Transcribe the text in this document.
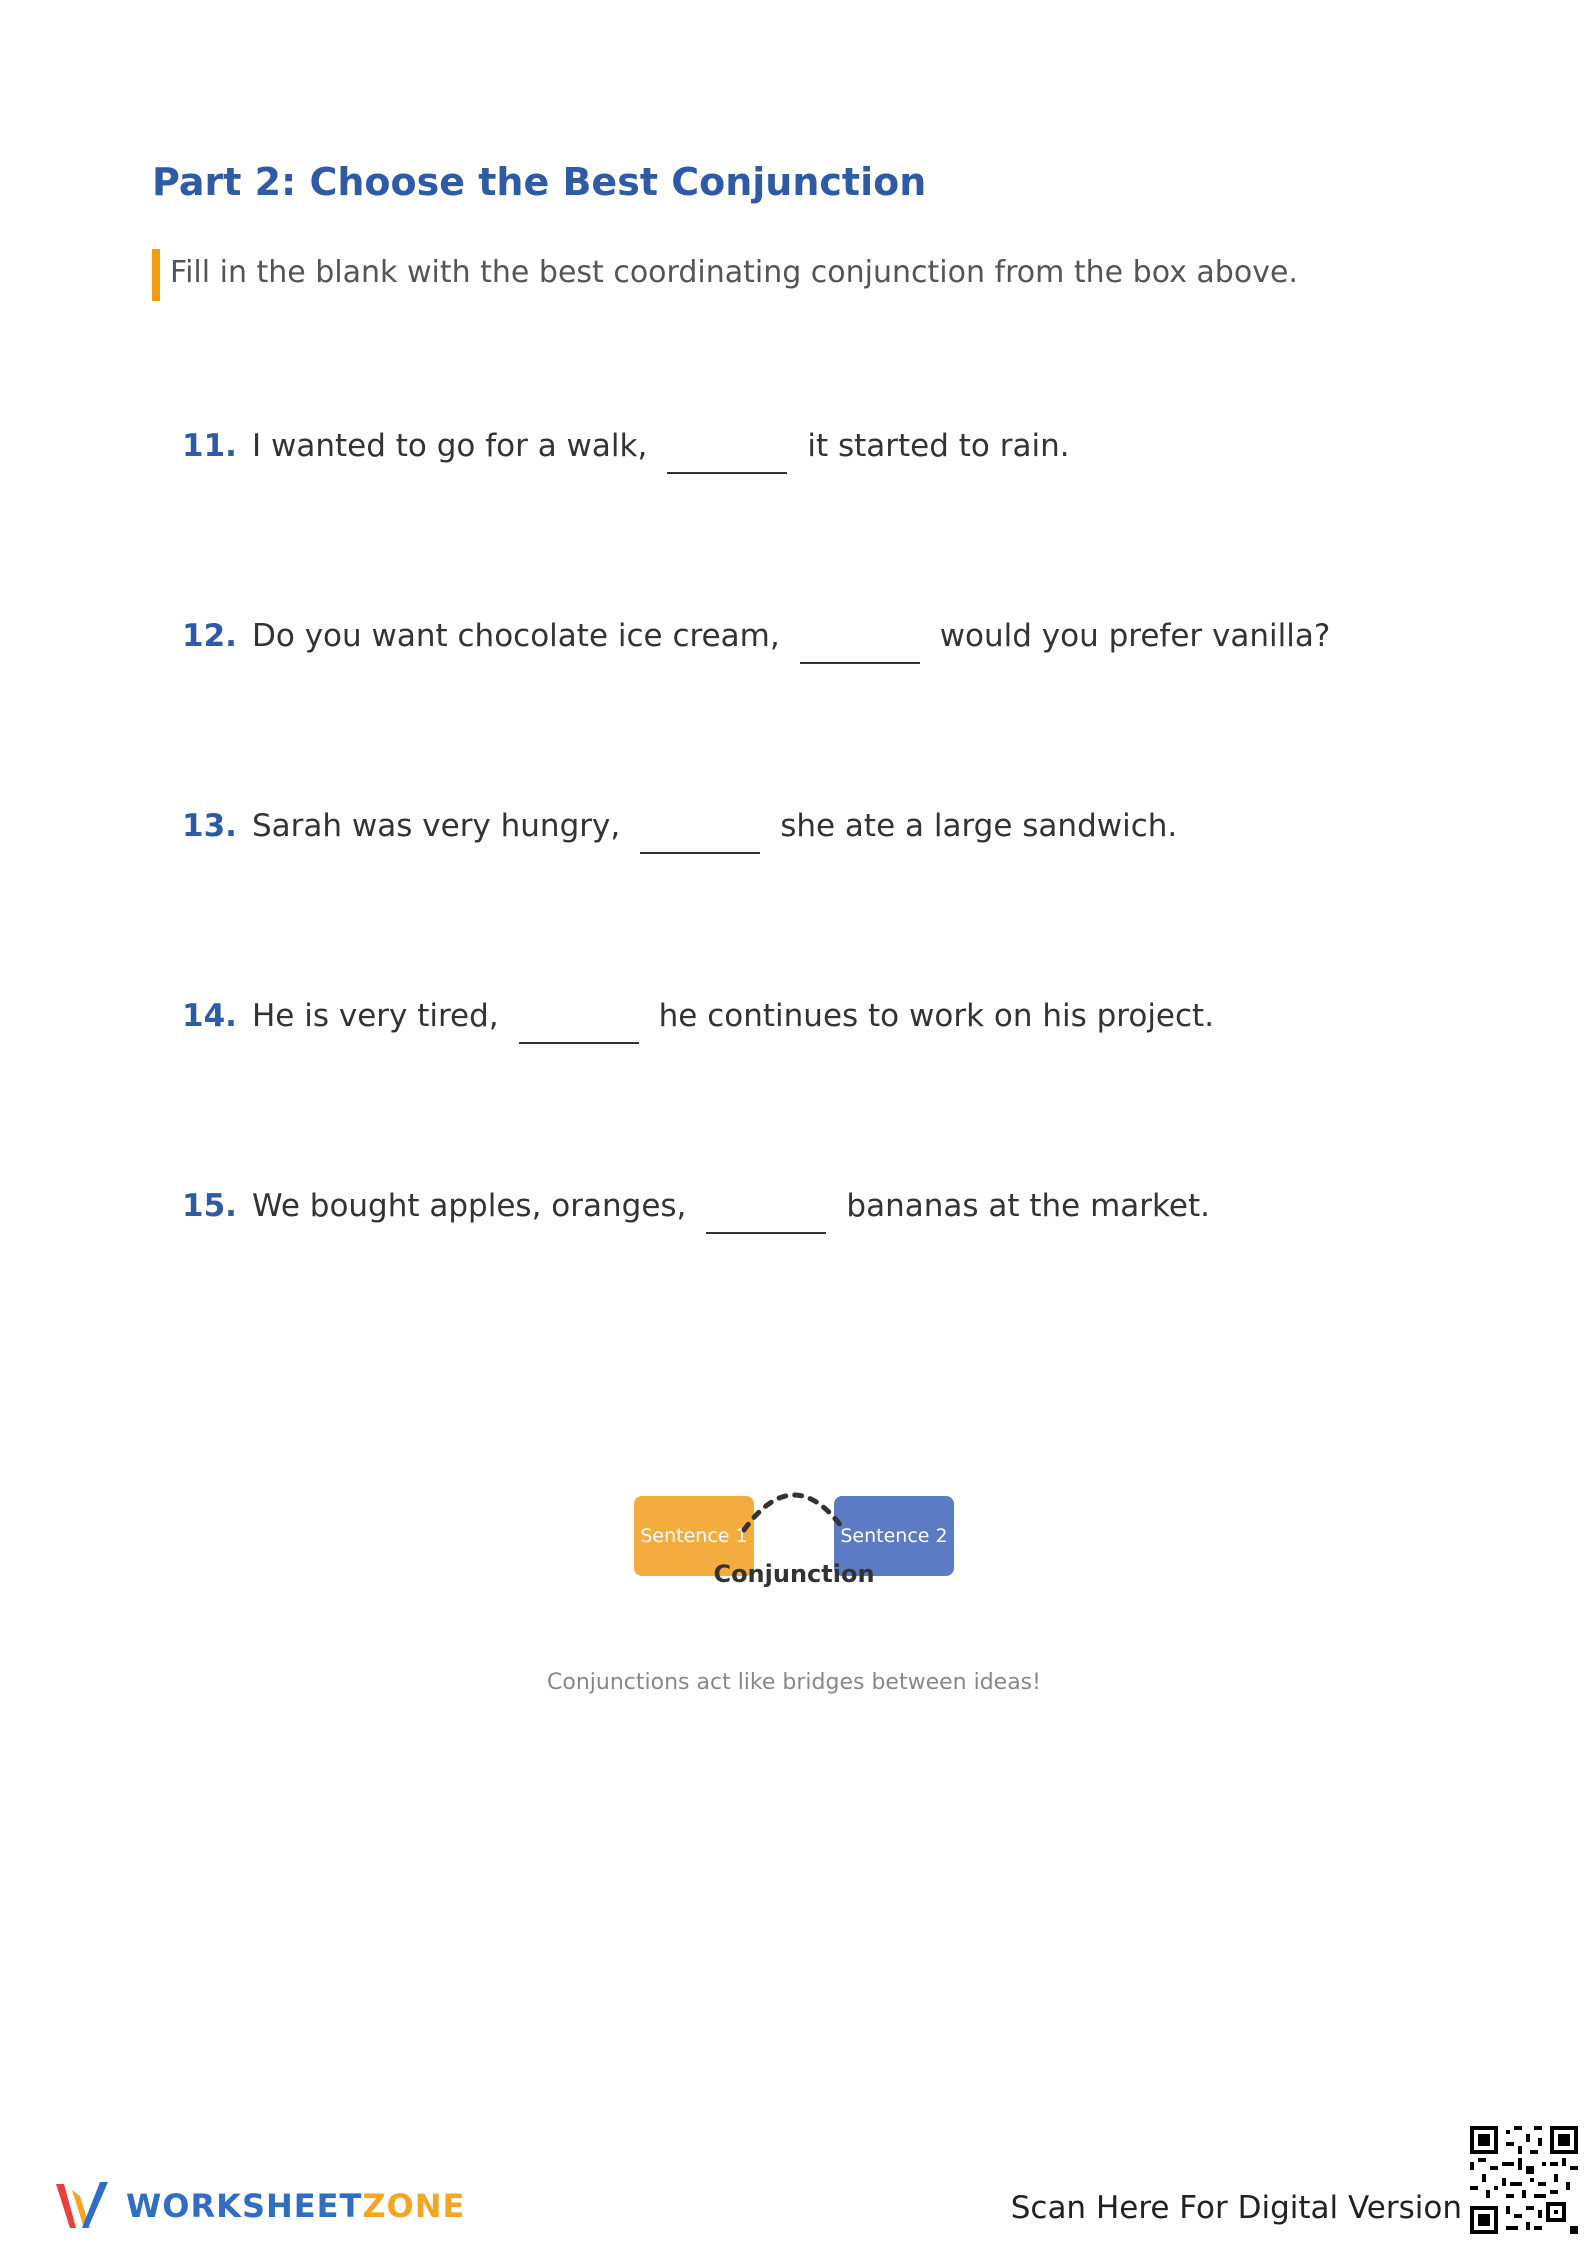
Part 2: Choose the Best Conjunction
Fill in the blank with the best coordinating conjunction from the box above.
11. I wanted to go for a walk,	it started to rain.
12. Do you want chocolate ice cream,	would you prefer vanilla?
13. Sarah was very hungry,	she ate a large sandwich.
14. He is very tired,	he continues to work on his project.
15. We bought apples, oranges,	bananas at the market.
Sentence 1	Sentence 2
Conjunction
Conjunctions act like bridges between ideas!
WORKSHEETZONE	Scan Here For Digital Version
